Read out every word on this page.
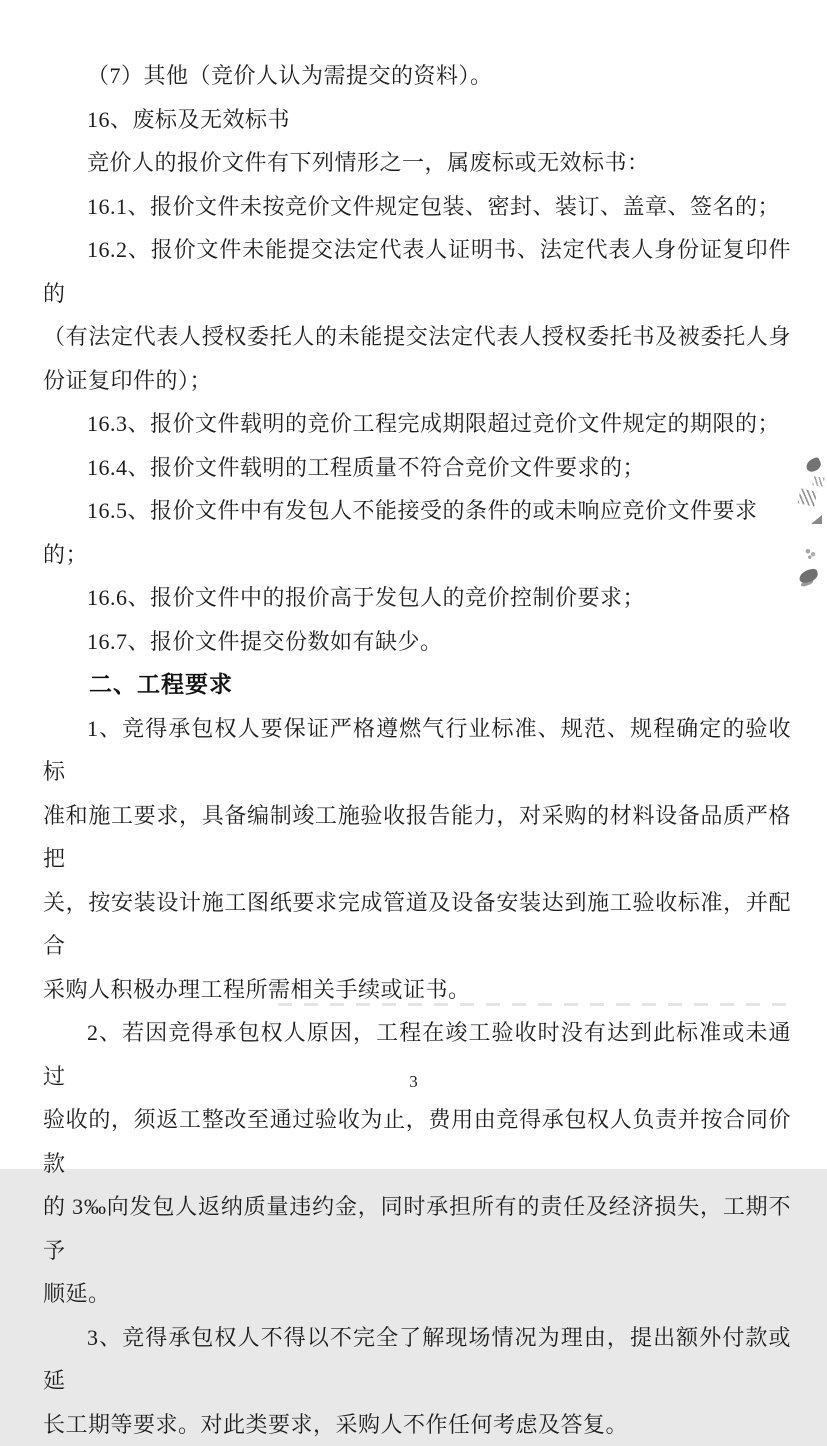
（7）其他（竞价人认为需提交的资料）。

16、废标及无效标书

竞价人的报价文件有下列情形之一，属废标或无效标书：

16.1、报价文件未按竞价文件规定包装、密封、装订、盖章、签名的；

16.2、报价文件未能提交法定代表人证明书、法定代表人身份证复印件的

（有法定代表人授权委托人的未能提交法定代表人授权委托书及被委托人身

份证复印件的）；

16.3、报价文件载明的竞价工程完成期限超过竞价文件规定的期限的；

16.4、报价文件载明的工程质量不符合竞价文件要求的；

16.5、报价文件中有发包人不能接受的条件的或未响应竞价文件要求的；

16.6、报价文件中的报价高于发包人的竞价控制价要求；

16.7、报价文件提交份数如有缺少。

二、工程要求

1、竞得承包权人要保证严格遵燃气行业标准、规范、规程确定的验收标

准和施工要求，具备编制竣工施验收报告能力，对采购的材料设备品质严格把

关，按安装设计施工图纸要求完成管道及设备安装达到施工验收标准，并配合

采购人积极办理工程所需相关手续或证书。

2、若因竞得承包权人原因，工程在竣工验收时没有达到此标准或未通过

验收的，须返工整改至通过验收为止，费用由竞得承包权人负责并按合同价款

的 3‰向发包人返纳质量违约金，同时承担所有的责任及经济损失，工期不予

顺延。

3、竞得承包权人不得以不完全了解现场情况为理由，提出额外付款或延

长工期等要求。对此类要求，采购人不作任何考虑及答复。

3
